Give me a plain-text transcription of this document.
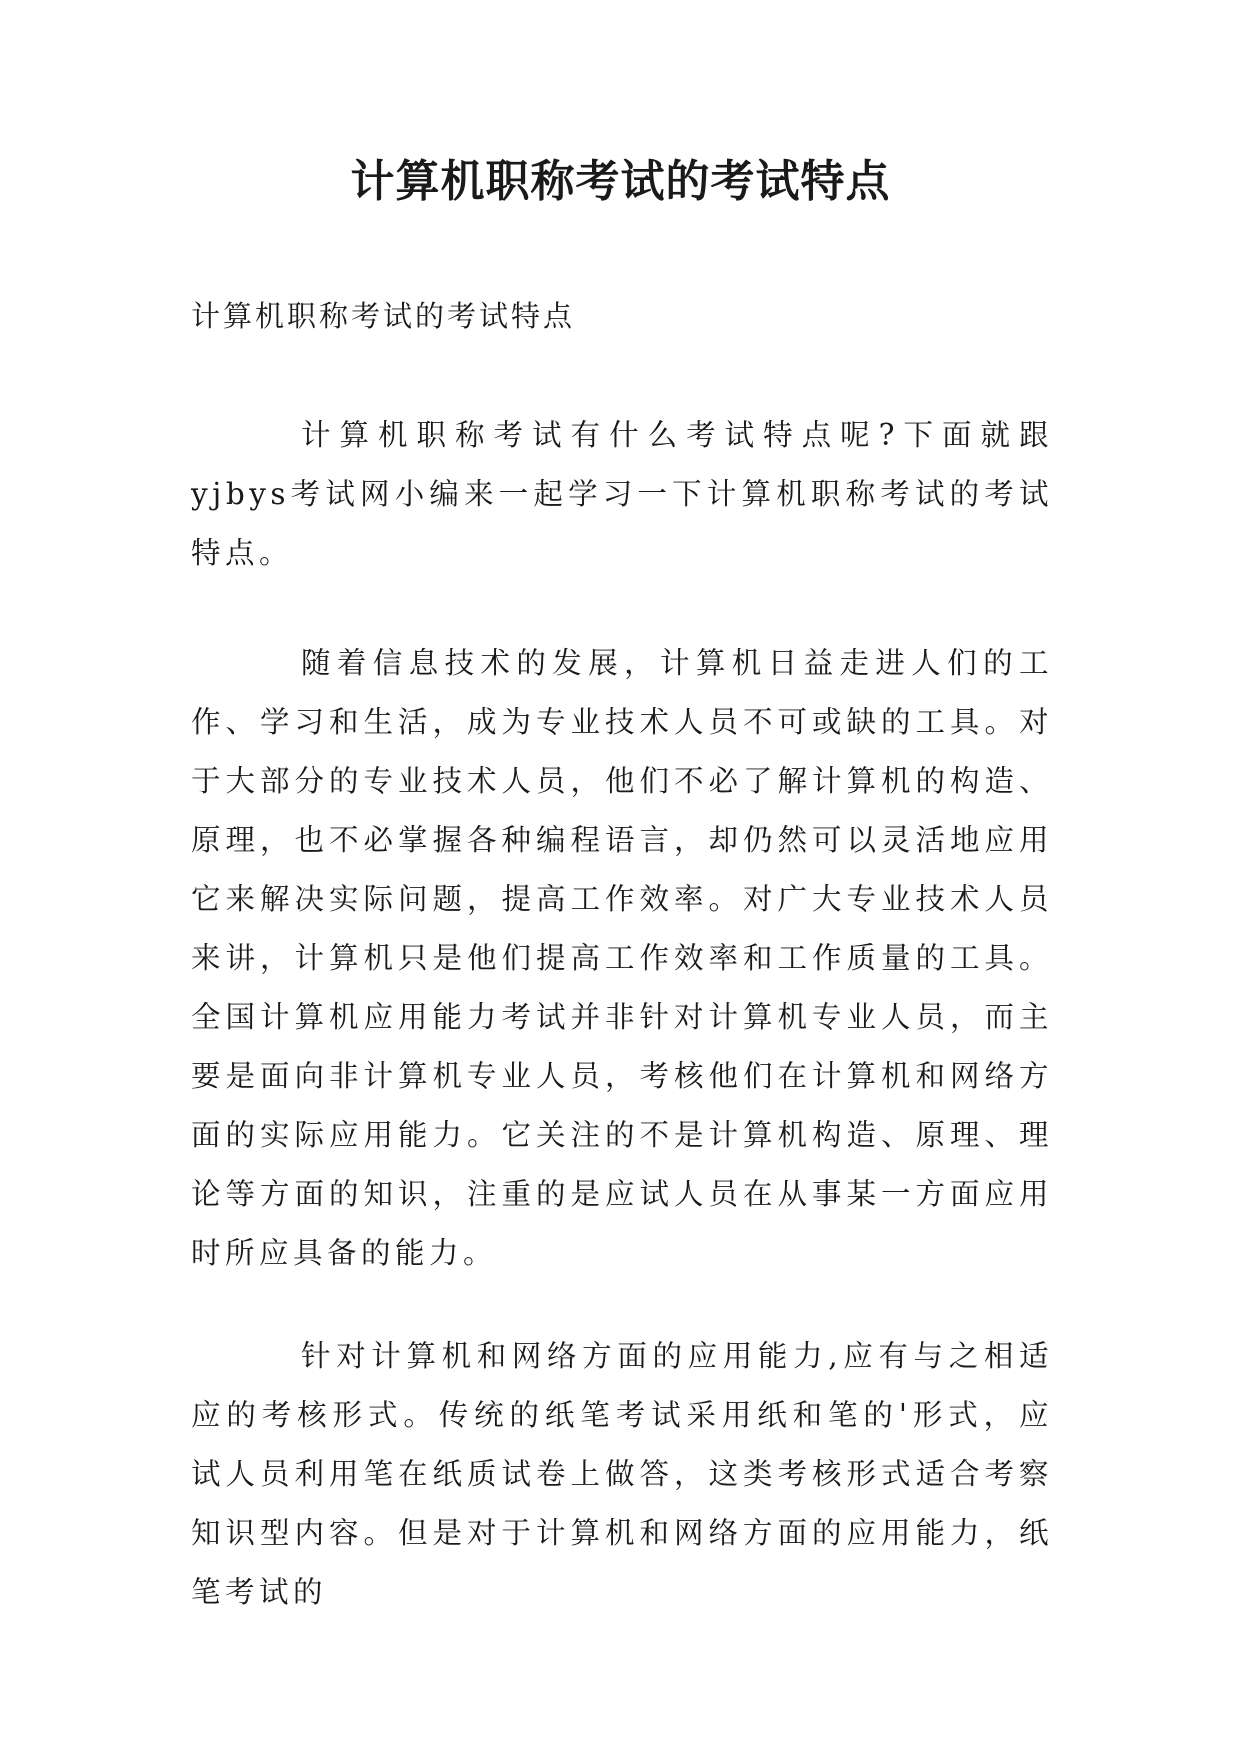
计算机职称考试的考试特点

计算机职称考试的考试特点

计算机职称考试有什么考试特点呢?下面就跟yjbys考试网小编来一起学习一下计算机职称考试的考试特点。

随着信息技术的发展，计算机日益走进人们的工作、学习和生活，成为专业技术人员不可或缺的工具。对于大部分的专业技术人员，他们不必了解计算机的构造、原理，也不必掌握各种编程语言，却仍然可以灵活地应用它来解决实际问题，提高工作效率。对广大专业技术人员来讲，计算机只是他们提高工作效率和工作质量的工具。全国计算机应用能力考试并非针对计算机专业人员，而主要是面向非计算机专业人员，考核他们在计算机和网络方面的实际应用能力。它关注的不是计算机构造、原理、理论等方面的知识，注重的是应试人员在从事某一方面应用时所应具备的能力。

针对计算机和网络方面的应用能力,应有与之相适应的考核形式。传统的纸笔考试采用纸和笔的'形式，应试人员利用笔在纸质试卷上做答，这类考核形式适合考察知识型内容。但是对于计算机和网络方面的应用能力，纸笔考试的
